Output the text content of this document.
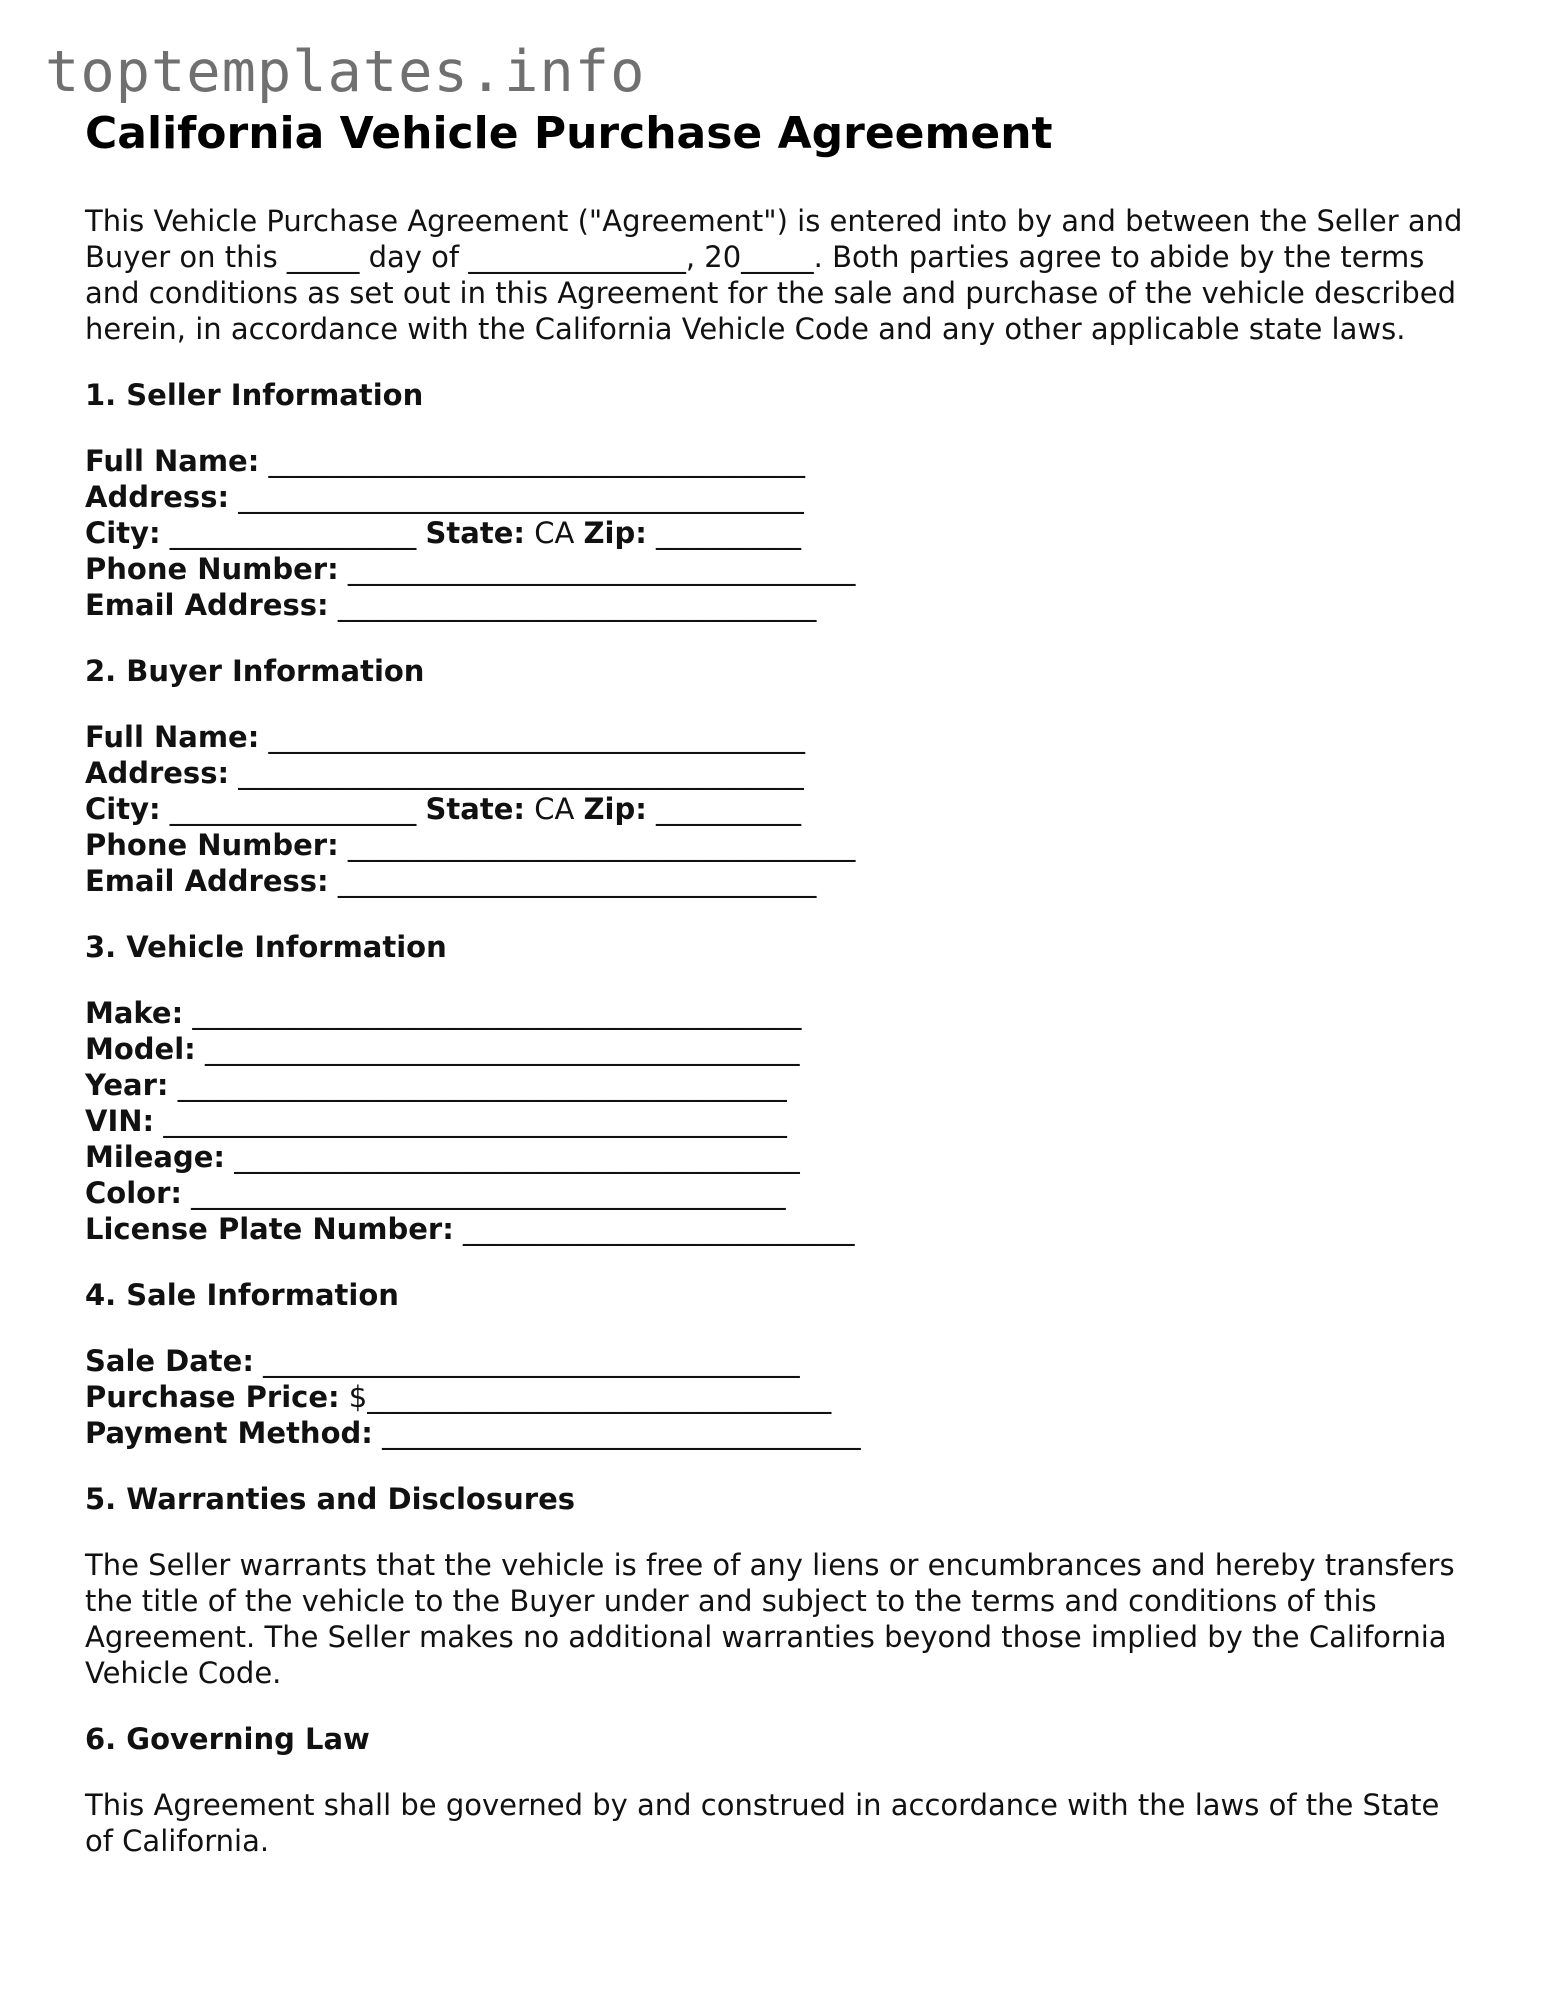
toptemplates.info
California Vehicle Purchase Agreement

This Vehicle Purchase Agreement ("Agreement") is entered into by and between the Seller and Buyer on this _____ day of _______________, 20_____. Both parties agree to abide by the terms and conditions as set out in this Agreement for the sale and purchase of the vehicle described herein, in accordance with the California Vehicle Code and any other applicable state laws.

1. Seller Information
Full Name: _____________________________________
Address: _______________________________________
City: _________________ State: CA Zip: __________
Phone Number: ___________________________________
Email Address: _________________________________
2. Buyer Information
Full Name: _____________________________________
Address: _______________________________________
City: _________________ State: CA Zip: __________
Phone Number: ___________________________________
Email Address: _________________________________
3. Vehicle Information
Make: __________________________________________
Model: _________________________________________
Year: __________________________________________
VIN: ___________________________________________
Mileage: _______________________________________
Color: _________________________________________
License Plate Number: ___________________________
4. Sale Information
Sale Date: _____________________________________
Purchase Price: $________________________________
Payment Method: _________________________________
5. Warranties and Disclosures

The Seller warrants that the vehicle is free of any liens or encumbrances and hereby transfers the title of the vehicle to the Buyer under and subject to the terms and conditions of this Agreement. The Seller makes no additional warranties beyond those implied by the California Vehicle Code.

6. Governing Law

This Agreement shall be governed by and construed in accordance with the laws of the State of California.
